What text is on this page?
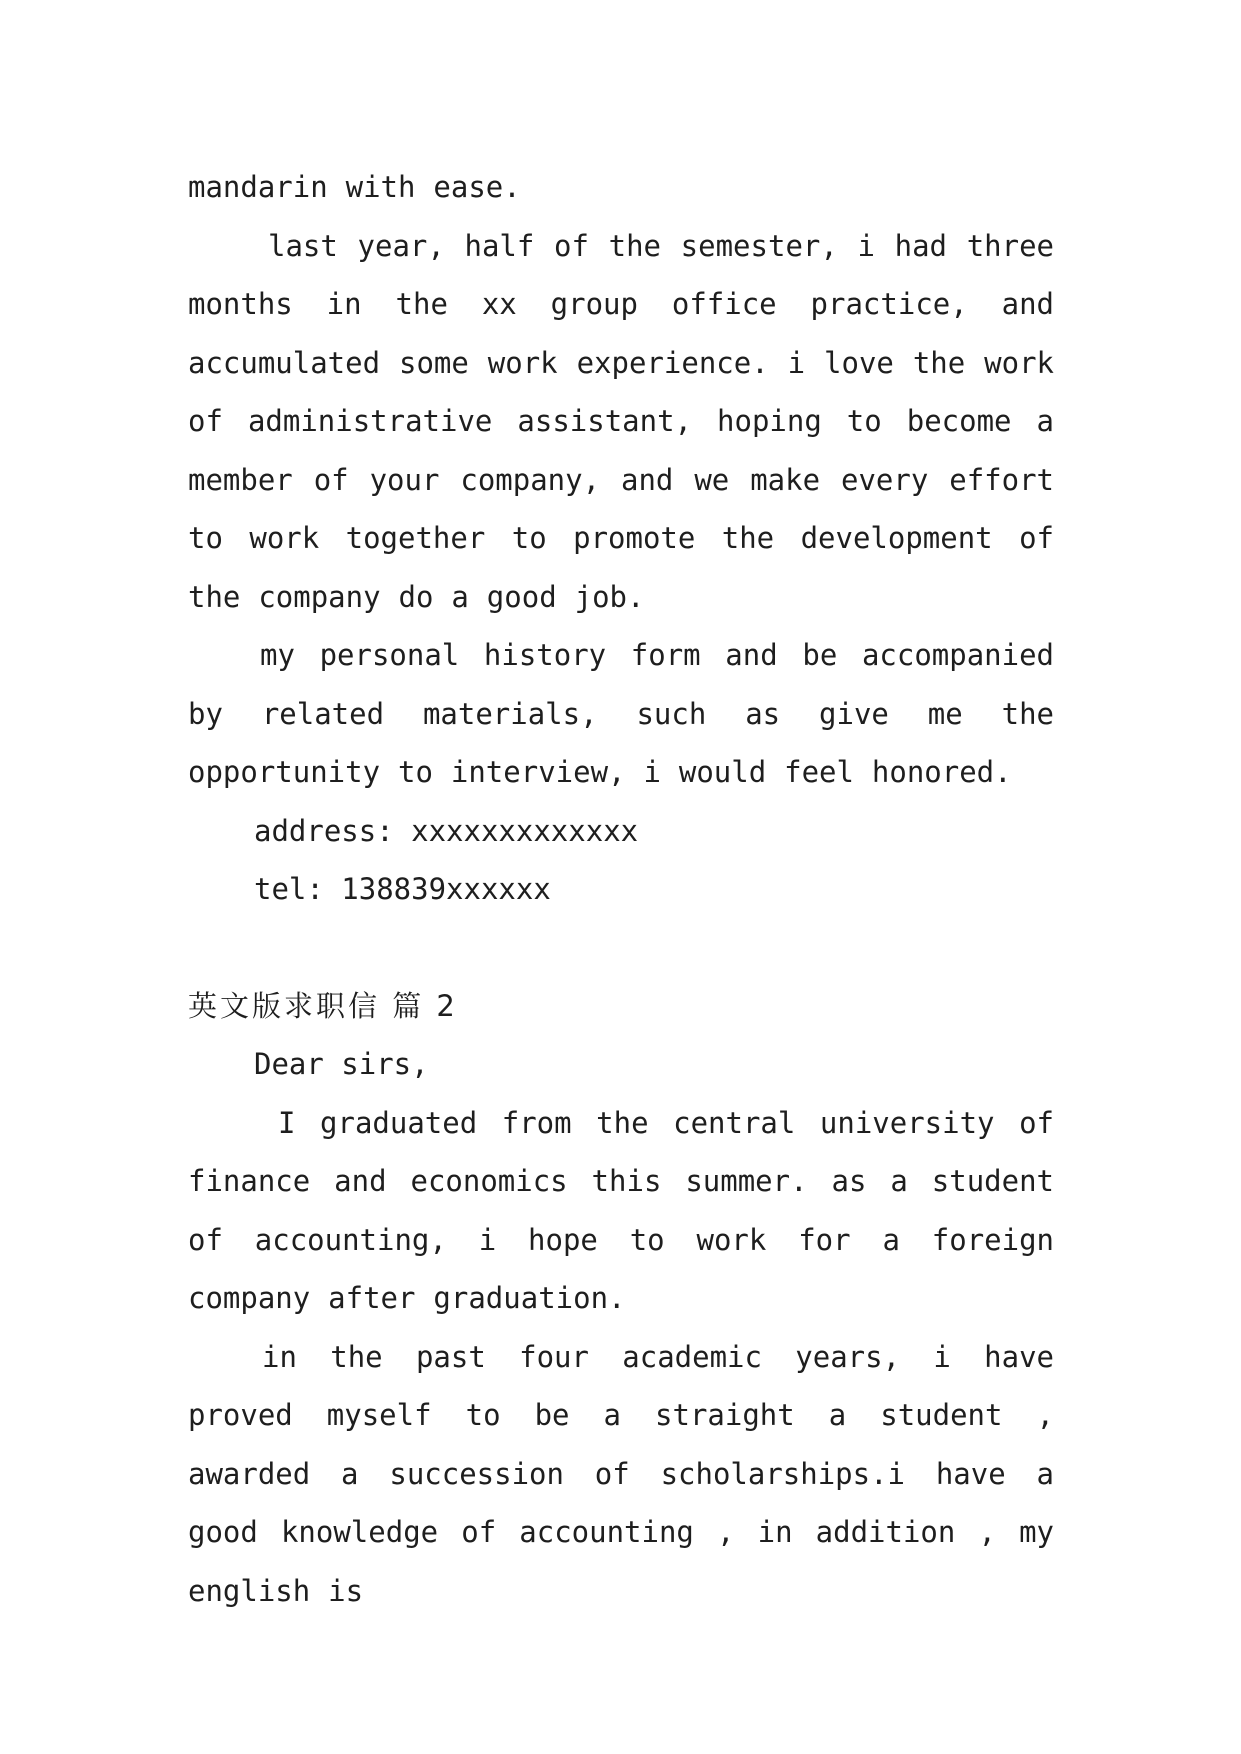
mandarin with ease.

last year, half of the semester, i had three months in the xx group office practice, and accumulated some work experience. i love the work of administrative assistant, hoping to become a member of your company, and we make every effort to work together to promote the development of the company do a good job.

my personal history form and be accompanied by related materials, such as give me the opportunity to interview, i would feel honored.

address: xxxxxxxxxxxxx

tel: 138839xxxxxx

英文版求职信 篇 2

Dear sirs,

I graduated from the central university of finance and economics this summer. as a student of accounting, i hope to work for a foreign company after graduation.

in the past four academic years, i have proved myself to be a straight a student , awarded a succession of scholarships.i have a good knowledge of accounting , in addition , my english is
